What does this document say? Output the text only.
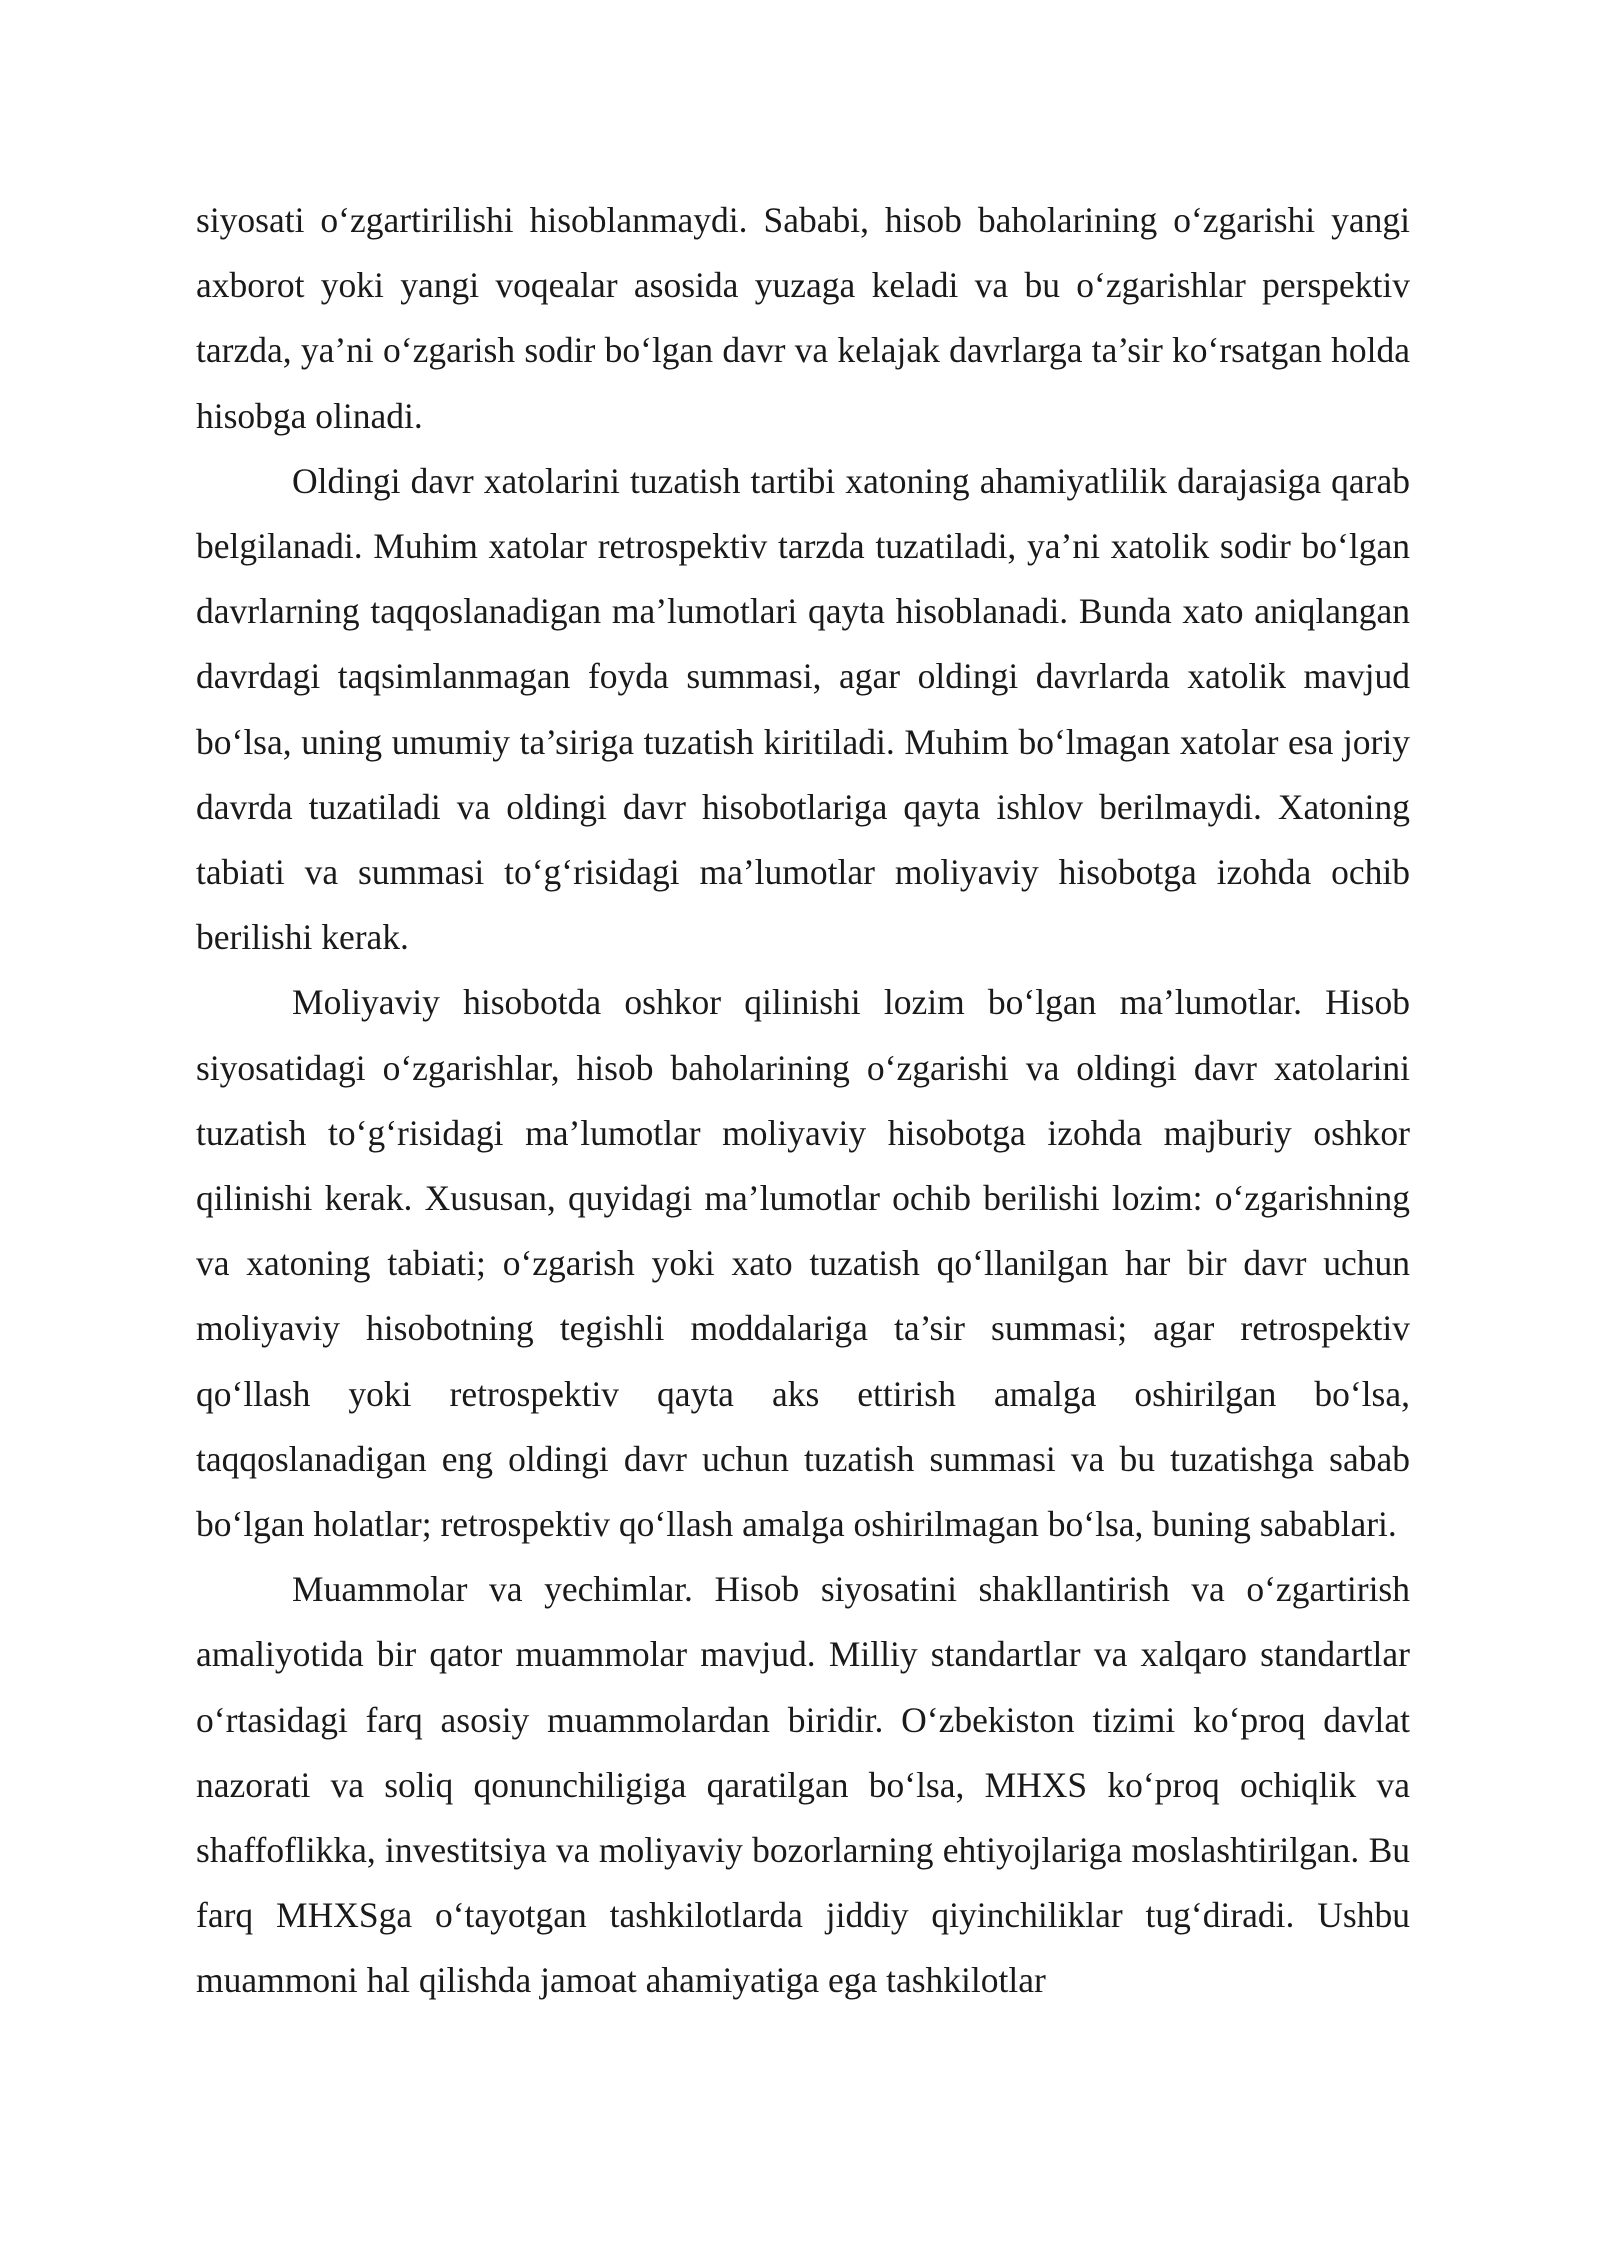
siyosati o‘zgartirilishi hisoblanmaydi. Sababi, hisob baholarining o‘zgarishi yangi axborot yoki yangi voqealar asosida yuzaga keladi va bu o‘zgarishlar perspektiv tarzda, ya’ni o‘zgarish sodir bo‘lgan davr va kelajak davrlarga ta’sir ko‘rsatgan holda hisobga olinadi.

Oldingi davr xatolarini tuzatish tartibi xatoning ahamiyatlilik darajasiga qarab belgilanadi. Muhim xatolar retrospektiv tarzda tuzatiladi, ya’ni xatolik sodir bo‘lgan davrlarning taqqoslanadigan ma’lumotlari qayta hisoblanadi. Bunda xato aniqlangan davrdagi taqsimlanmagan foyda summasi, agar oldingi davrlarda xatolik mavjud bo‘lsa, uning umumiy ta’siriga tuzatish kiritiladi. Muhim bo‘lmagan xatolar esa joriy davrda tuzatiladi va oldingi davr hisobotlariga qayta ishlov berilmaydi. Xatoning tabiati va summasi to‘g‘risidagi ma’lumotlar moliyaviy hisobotga izohda ochib berilishi kerak.

Moliyaviy hisobotda oshkor qilinishi lozim bo‘lgan ma’lumotlar. Hisob siyosatidagi o‘zgarishlar, hisob baholarining o‘zgarishi va oldingi davr xatolarini tuzatish to‘g‘risidagi ma’lumotlar moliyaviy hisobotga izohda majburiy oshkor qilinishi kerak. Xususan, quyidagi ma’lumotlar ochib berilishi lozim: o‘zgarishning va xatoning tabiati; o‘zgarish yoki xato tuzatish qo‘llanilgan har bir davr uchun moliyaviy hisobotning tegishli moddalariga ta’sir summasi; agar retrospektiv qo‘llash yoki retrospektiv qayta aks ettirish amalga oshirilgan bo‘lsa, taqqoslanadigan eng oldingi davr uchun tuzatish summasi va bu tuzatishga sabab bo‘lgan holatlar; retrospektiv qo‘llash amalga oshirilmagan bo‘lsa, buning sabablari.

Muammolar va yechimlar. Hisob siyosatini shakllantirish va o‘zgartirish amaliyotida bir qator muammolar mavjud. Milliy standartlar va xalqaro standartlar o‘rtasidagi farq asosiy muammolardan biridir. O‘zbekiston tizimi ko‘proq davlat nazorati va soliq qonunchiligiga qaratilgan bo‘lsa, MHXS ko‘proq ochiqlik va shaffoflikka, investitsiya va moliyaviy bozorlarning ehtiyojlariga moslashtirilgan. Bu farq MHXSga o‘tayotgan tashkilotlarda jiddiy qiyinchiliklar tug‘diradi. Ushbu muammoni hal qilishda jamoat ahamiyatiga ega tashkilotlar
